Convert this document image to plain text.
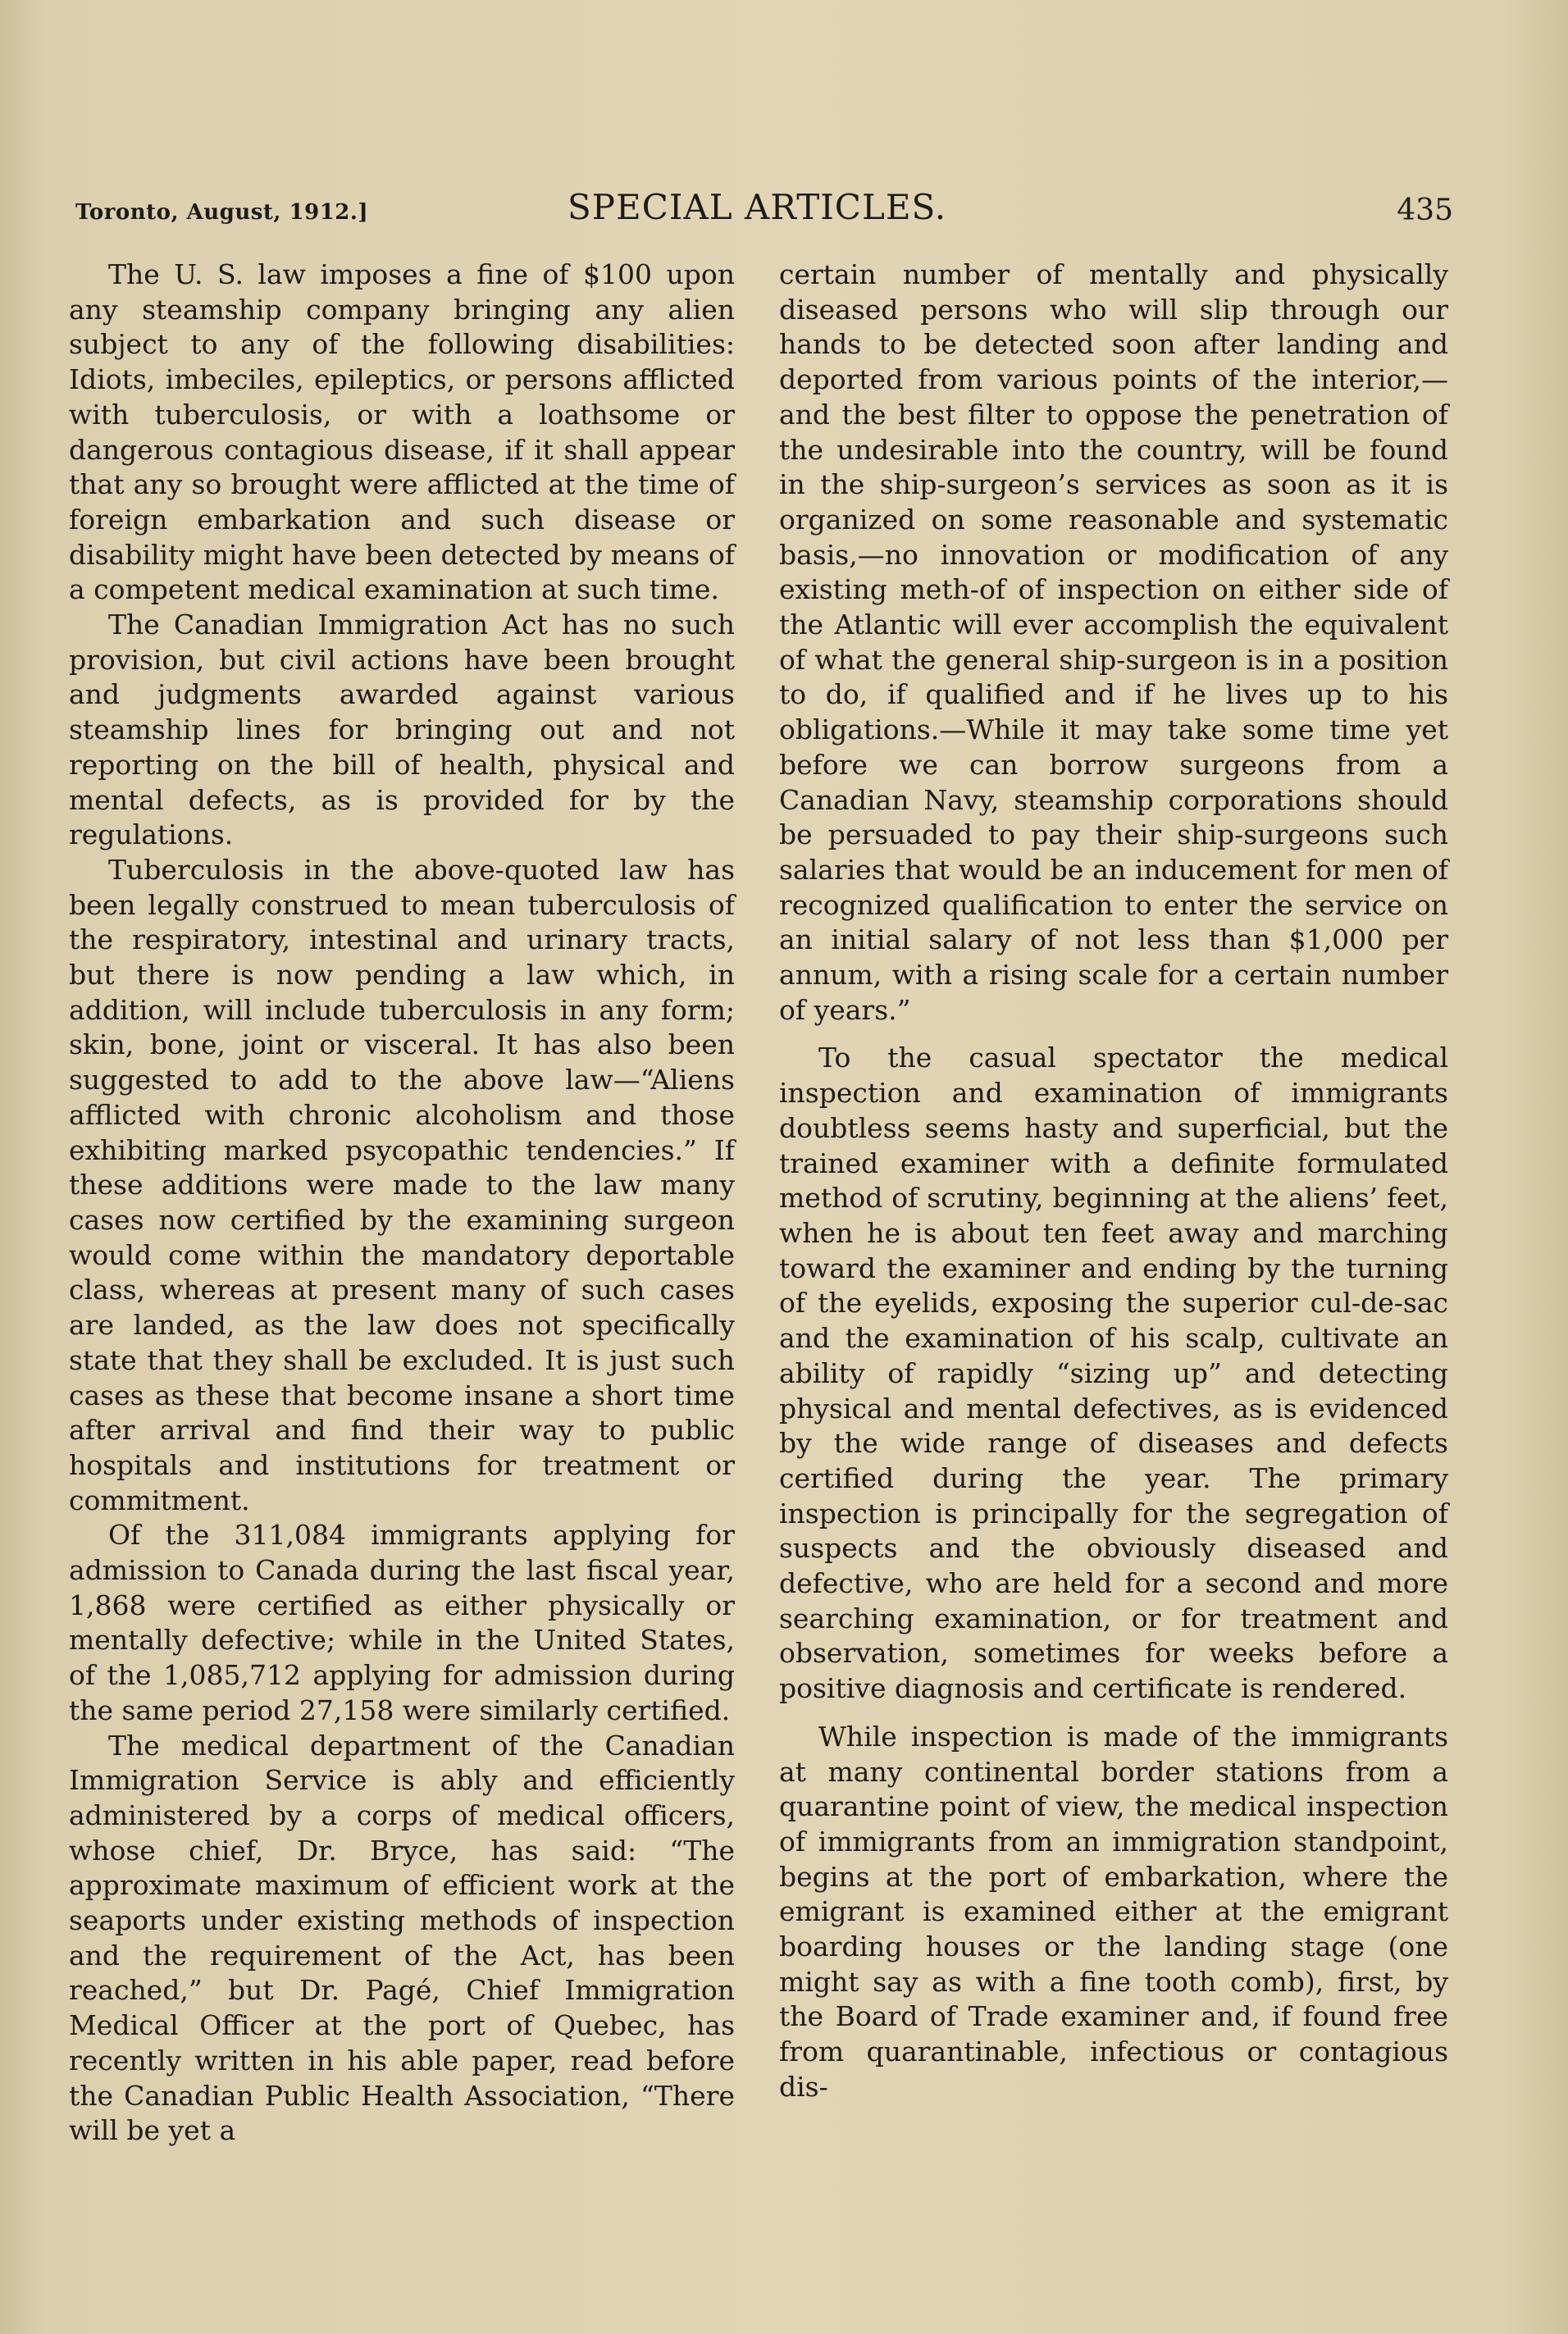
Toronto, August, 1912.]	SPECIAL ARTICLES.	435

The U. S. law imposes a fine of $100 upon any steamship company bringing any alien subject to any of the following disabilities: Idiots, imbeciles, epileptics, or persons afflicted with tuberculosis, or with a loathsome or dangerous contagious disease, if it shall appear that any so brought were afflicted at the time of foreign embarkation and such disease or disability might have been detected by means of a competent medical examination at such time.

The Canadian Immigration Act has no such provision, but civil actions have been brought and judgments awarded against various steamship lines for bringing out and not reporting on the bill of health, physical and mental defects, as is provided for by the regulations.

Tuberculosis in the above-quoted law has been legally construed to mean tuberculosis of the respiratory, intestinal and urinary tracts, but there is now pending a law which, in addition, will include tuberculosis in any form; skin, bone, joint or visceral. It has also been suggested to add to the above law—“Aliens afflicted with chronic alcoholism and those exhibiting marked psycopathic tendencies.” If these additions were made to the law many cases now certified by the examining surgeon would come within the mandatory deportable class, whereas at present many of such cases are landed, as the law does not specifically state that they shall be excluded. It is just such cases as these that become insane a short time after arrival and find their way to public hospitals and institutions for treatment or commitment.

Of the 311,084 immigrants applying for admission to Canada during the last fiscal year, 1,868 were certified as either physically or mentally defective; while in the United States, of the 1,085,712 applying for admission during the same period 27,158 were similarly certified.

The medical department of the Canadian Immigration Service is ably and efficiently administered by a corps of medical officers, whose chief, Dr. Bryce, has said: “The approximate maximum of efficient work at the seaports under existing methods of inspection and the requirement of the Act, has been reached,” but Dr. Pagé, Chief Immigration Medical Officer at the port of Quebec, has recently written in his able paper, read before the Canadian Public Health Association, “There will be yet a

certain number of mentally and physically diseased persons who will slip through our hands to be detected soon after landing and deported from various points of the interior,—and the best filter to oppose the penetration of the undesirable into the country, will be found in the ship-surgeon’s services as soon as it is organized on some reasonable and systematic basis,—no innovation or modification of any existing meth-of of inspection on either side of the Atlantic will ever accomplish the equivalent of what the general ship-surgeon is in a position to do, if qualified and if he lives up to his obligations.—While it may take some time yet before we can borrow surgeons from a Canadian Navy, steamship corporations should be persuaded to pay their ship-surgeons such salaries that would be an inducement for men of recognized qualification to enter the service on an initial salary of not less than $1,000 per annum, with a rising scale for a certain number of years.”

To the casual spectator the medical inspection and examination of immigrants doubtless seems hasty and superficial, but the trained examiner with a definite formulated method of scrutiny, beginning at the aliens’ feet, when he is about ten feet away and marching toward the examiner and ending by the turning of the eyelids, exposing the superior cul-de-sac and the examination of his scalp, cultivate an ability of rapidly “sizing up” and detecting physical and mental defectives, as is evidenced by the wide range of diseases and defects certified during the year. The primary inspection is principally for the segregation of suspects and the obviously diseased and defective, who are held for a second and more searching examination, or for treatment and observation, sometimes for weeks before a positive diagnosis and certificate is rendered.

While inspection is made of the immigrants at many continental border stations from a quarantine point of view, the medical inspection of immigrants from an immigration standpoint, begins at the port of embarkation, where the emigrant is examined either at the emigrant boarding houses or the landing stage (one might say as with a fine tooth comb), first, by the Board of Trade examiner and, if found free from quarantinable, infectious or contagious dis-
